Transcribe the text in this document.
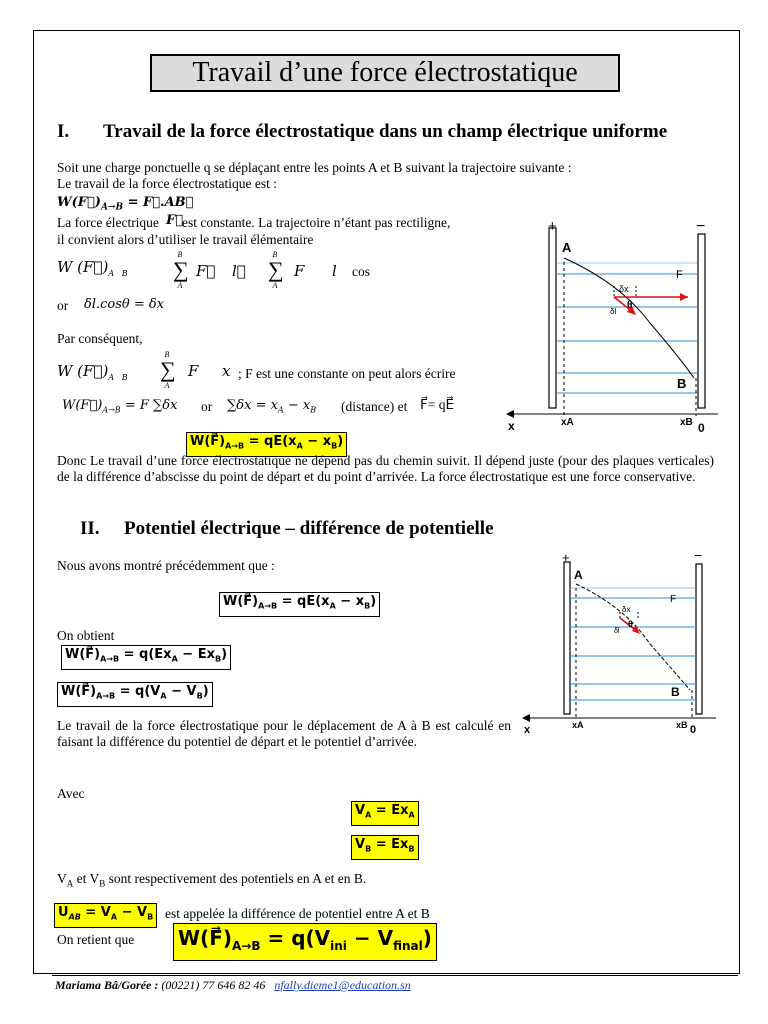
Travail d’une force électrostatique
I. Travail de la force électrostatique dans un champ électrique uniforme
Soit une charge ponctuelle q se déplaçant entre les points A et B suivant la trajectoire suivante :
Le travail de la force électrostatique est :
$W(F⃗)_{A\to B}$ = F⃗.AB⃗
La force électrique F⃗
est constante. La trajectoire n’étant pas rectiligne,
il convient alors d’utiliser le travail élémentaire
W $(F⃗)_{A B}$
B
∑
A
F⃗ l⃗
B
∑
A
F l cos
or δl.cosθ = δx
Par conséquent,
W $(F⃗)_{A B}$
B
∑
A
F x ; F est une constante on peut alors écrire
$W(F⃗)_{A\to B} = F$ ∑δx or $\sum\delta x = x_A - x_B$ (distance) et F⃗= qE⃗
$W(F⃗)_{A\to B} = qE(x_A - x_B)$
Donc Le travail d’une force électrostatique ne dépend pas du chemin suivit. Il dépend juste (pour des plaques verticales) de la différence d’abscisse du point de départ et du point d’arrivée. La force électrostatique est une force conservative.
+	−
A
B
F
δx
θ
δl
x	xA	xB 0
II. Potentiel électrique – différence de potentielle
Nous avons montré précédemment que :
$W(F⃗)_{A\to B} = qE(x_A - x_B)$
On obtient
$W(F⃗)_{A\to B} = q(Ex_A - Ex_B)$
$W(F⃗)_{A\to B} = q(V_A - V_B)$
Le travail de la force électrostatique pour le déplacement de A à B est calculé en faisant la différence du potentiel de départ et le potentiel d’arrivée.
Avec
$V_A = Ex_A$
$V_B = Ex_B$
$V_A$ et $V_B$ sont respectivement des potentiels en A et en B.
$U_{AB} = V_A - V_B$ est appelée la différence de potentiel entre A et B
On retient que $W(F⃗)_{A\to B} = q(V_{ini} - V_{final})$
+	−
A
B
F
δx
θ
δl
x	xA	xB 0
Mariama Bâ/Gorée : (00221) 77 646 82 46 nfally.dieme1@education.sn
